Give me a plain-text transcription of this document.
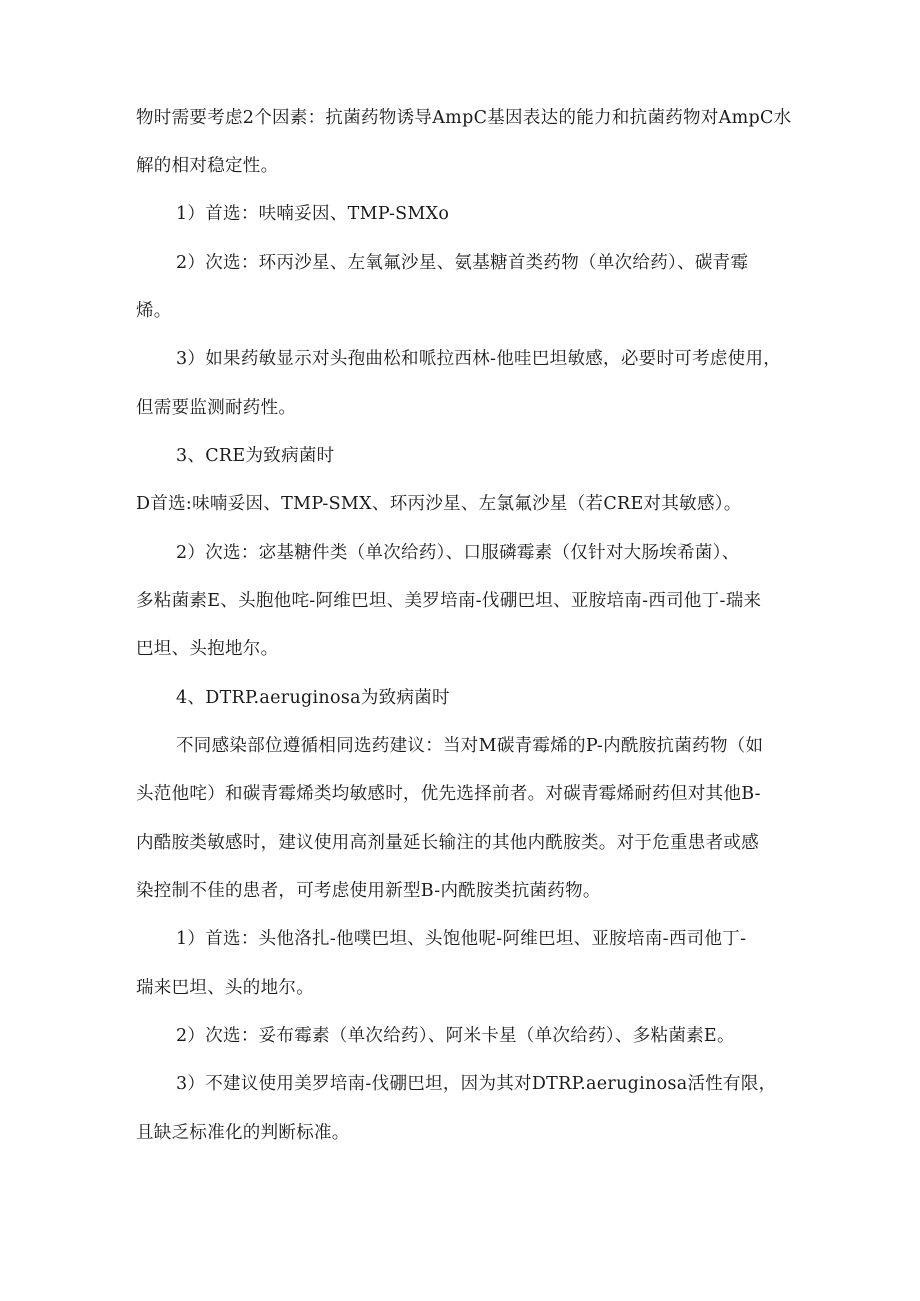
物时需要考虑2个因素：抗菌药物诱导AmpC基因表达的能力和抗菌药物对AmpC水
解的相对稳定性。
1）首选：呋喃妥因、TMP-SMXo
2）次选：环丙沙星、左氧氟沙星、氨基糖首类药物（单次给药）、碳青霉
烯。
3）如果药敏显示对头孢曲松和哌拉西林-他哇巴坦敏感，必要时可考虑使用，
但需要监测耐药性。
3、CRE为致病菌时
D首选:味喃妥因、TMP-SMX、环丙沙星、左氯氟沙星（若CRE对其敏感）。
2）次选：宓基糖件类（单次给药）、口服磷霉素（仅针对大肠埃希菌）、
多粘菌素E、头胞他咤-阿维巴坦、美罗培南-伐硼巴坦、亚胺培南-西司他丁-瑞来
巴坦、头抱地尔。
4、DTRP.aeruginosa为致病菌时
不同感染部位遵循相同选药建议：当对M碳青霉烯的P-内酰胺抗菌药物（如
头范他咤）和碳青霉烯类均敏感时，优先选择前者。对碳青霉烯耐药但对其他B-
内酷胺类敏感时，建议使用高剂量延长输注的其他内酰胺类。对于危重患者或感
染控制不佳的患者，可考虑使用新型B-内酰胺类抗菌药物。
1）首选：头他洛扎-他噗巴坦、头饱他呢-阿维巴坦、亚胺培南-西司他丁-
瑞来巴坦、头的地尔。
2）次选：妥布霉素（单次给药）、阿米卡星（单次给药）、多粘菌素E。
3）不建议使用美罗培南-伐硼巴坦，因为其对DTRP.aeruginosa活性有限，
且缺乏标准化的判断标准。
